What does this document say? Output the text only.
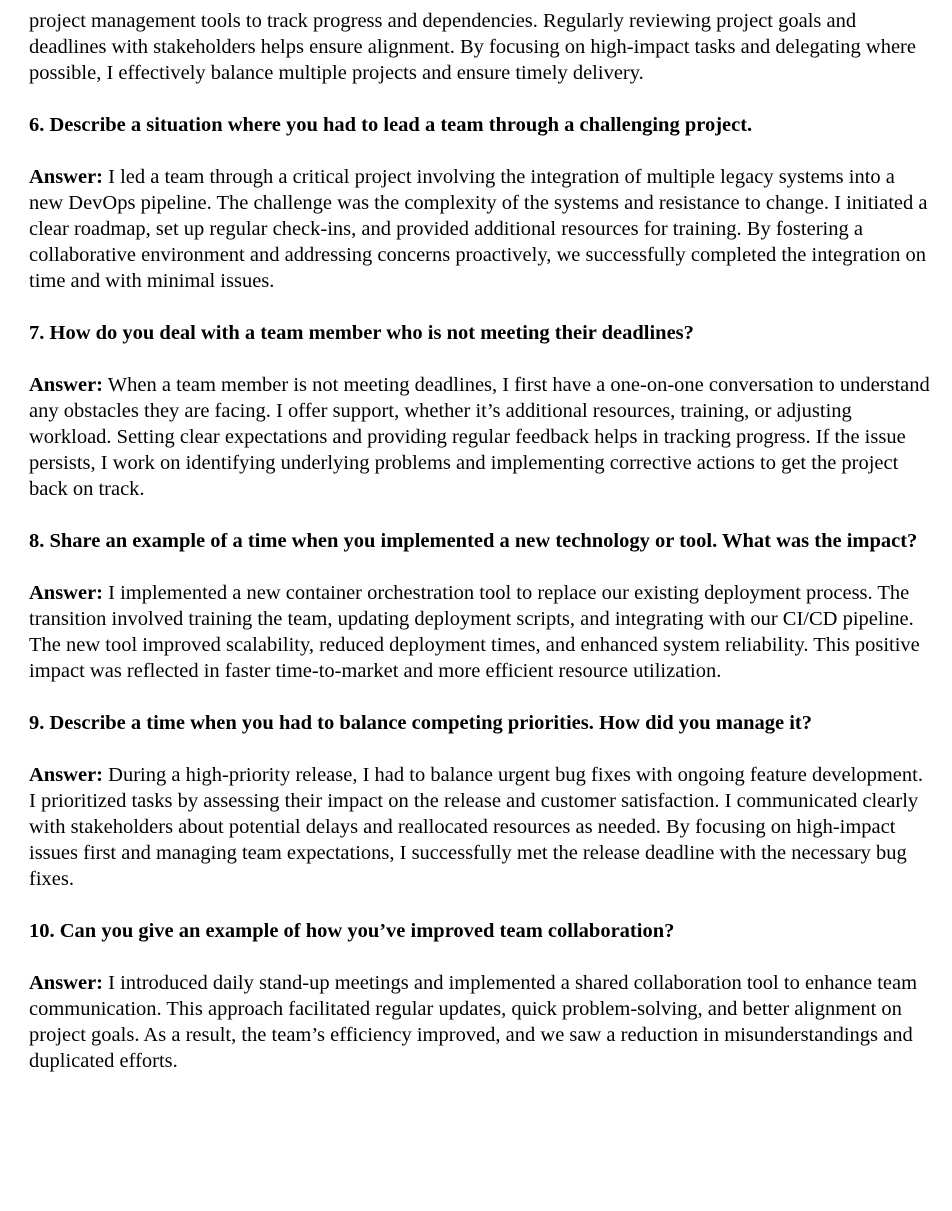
project management tools to track progress and dependencies. Regularly reviewing project goals and deadlines with stakeholders helps ensure alignment. By focusing on high-impact tasks and delegating where possible, I effectively balance multiple projects and ensure timely delivery.

6. Describe a situation where you had to lead a team through a challenging project.

Answer: I led a team through a critical project involving the integration of multiple legacy systems into a new DevOps pipeline. The challenge was the complexity of the systems and resistance to change. I initiated a clear roadmap, set up regular check-ins, and provided additional resources for training. By fostering a collaborative environment and addressing concerns proactively, we successfully completed the integration on time and with minimal issues.

7. How do you deal with a team member who is not meeting their deadlines?

Answer: When a team member is not meeting deadlines, I first have a one-on-one conversation to understand any obstacles they are facing. I offer support, whether it’s additional resources, training, or adjusting workload. Setting clear expectations and providing regular feedback helps in tracking progress. If the issue persists, I work on identifying underlying problems and implementing corrective actions to get the project back on track.

8. Share an example of a time when you implemented a new technology or tool. What was the impact?

Answer: I implemented a new container orchestration tool to replace our existing deployment process. The transition involved training the team, updating deployment scripts, and integrating with our CI/CD pipeline. The new tool improved scalability, reduced deployment times, and enhanced system reliability. This positive impact was reflected in faster time-to-market and more efficient resource utilization.

9. Describe a time when you had to balance competing priorities. How did you manage it?

Answer: During a high-priority release, I had to balance urgent bug fixes with ongoing feature development. I prioritized tasks by assessing their impact on the release and customer satisfaction. I communicated clearly with stakeholders about potential delays and reallocated resources as needed. By focusing on high-impact issues first and managing team expectations, I successfully met the release deadline with the necessary bug fixes.

10. Can you give an example of how you’ve improved team collaboration?

Answer: I introduced daily stand-up meetings and implemented a shared collaboration tool to enhance team communication. This approach facilitated regular updates, quick problem-solving, and better alignment on project goals. As a result, the team’s efficiency improved, and we saw a reduction in misunderstandings and duplicated efforts.
